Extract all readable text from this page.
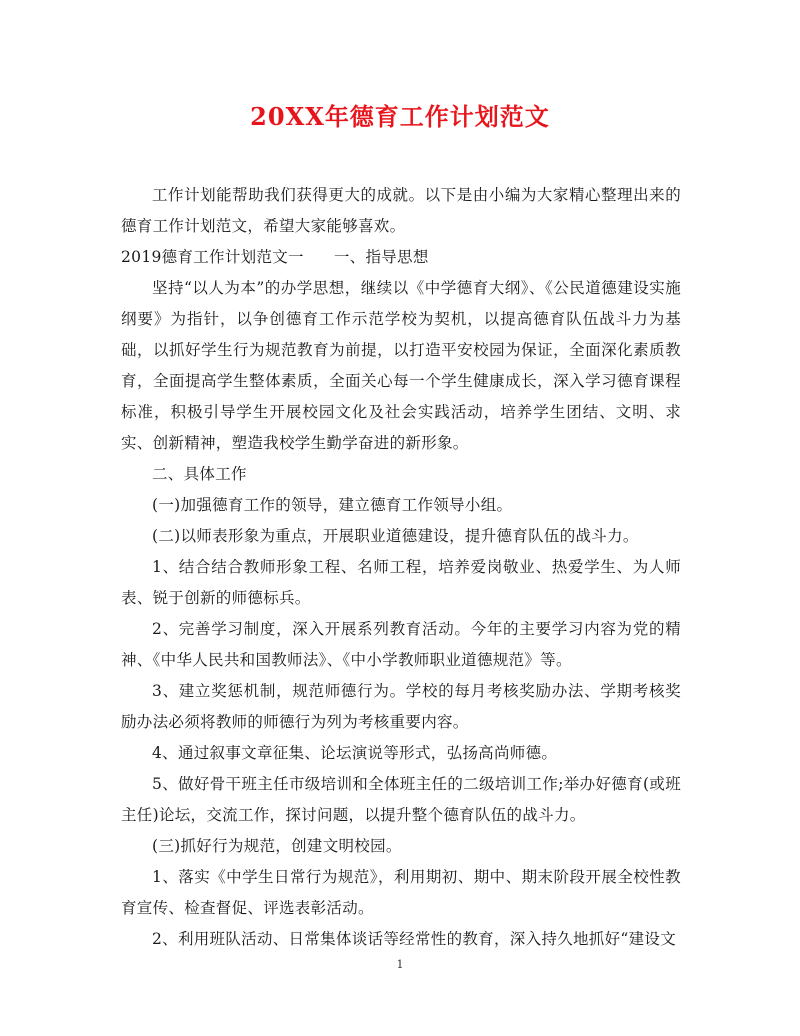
20XX年德育工作计划范文

工作计划能帮助我们获得更大的成就。以下是由小编为大家精心整理出来的德育工作计划范文，希望大家能够喜欢。

2019德育工作计划范文一 一、指导思想

坚持“以人为本”的办学思想，继续以《中学德育大纲》、《公民道德建设实施纲要》为指针，以争创德育工作示范学校为契机，以提高德育队伍战斗力为基础，以抓好学生行为规范教育为前提，以打造平安校园为保证，全面深化素质教育，全面提高学生整体素质，全面关心每一个学生健康成长，深入学习德育课程标准，积极引导学生开展校园文化及社会实践活动，培养学生团结、文明、求实、创新精神，塑造我校学生勤学奋进的新形象。

二、具体工作

(一)加强德育工作的领导，建立德育工作领导小组。

(二)以师表形象为重点，开展职业道德建设，提升德育队伍的战斗力。

1、结合结合教师形象工程、名师工程，培养爱岗敬业、热爱学生、为人师表、锐于创新的师德标兵。

2、完善学习制度，深入开展系列教育活动。今年的主要学习内容为党的精神、《中华人民共和国教师法》、《中小学教师职业道德规范》等。

3、建立奖惩机制，规范师德行为。学校的每月考核奖励办法、学期考核奖励办法必须将教师的师德行为列为考核重要内容。

4、通过叙事文章征集、论坛演说等形式，弘扬高尚师德。

5、做好骨干班主任市级培训和全体班主任的二级培训工作;举办好德育(或班主任)论坛，交流工作，探讨问题，以提升整个德育队伍的战斗力。

(三)抓好行为规范，创建文明校园。

1、落实《中学生日常行为规范》，利用期初、期中、期末阶段开展全校性教育宣传、检查督促、评选表彰活动。

2、利用班队活动、日常集体谈话等经常性的教育，深入持久地抓好“建设文

1
